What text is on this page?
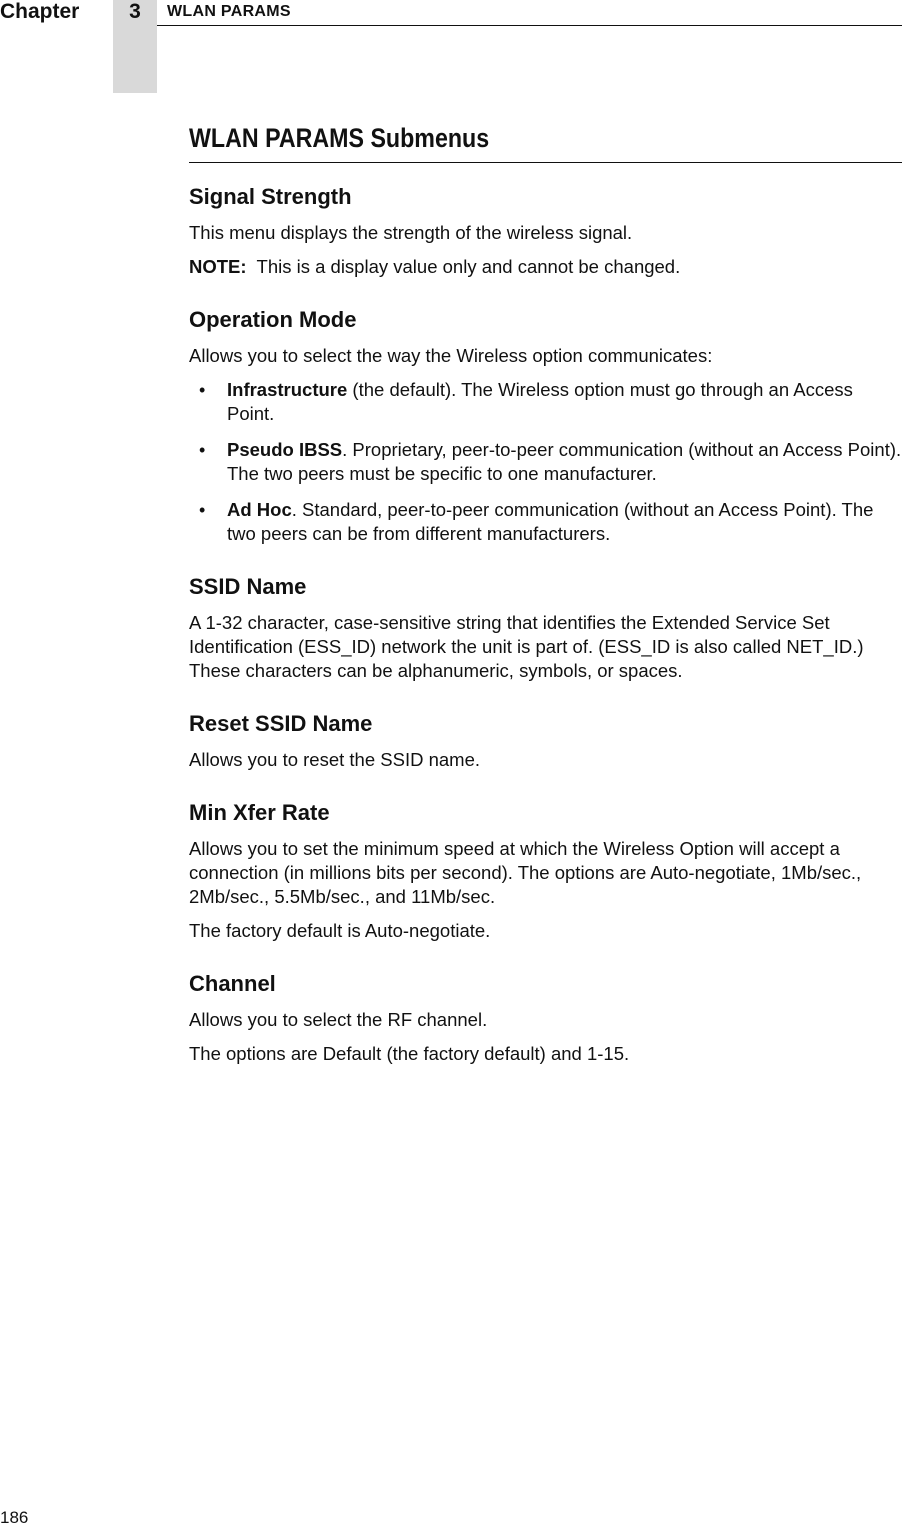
Chapter	3	WLAN PARAMS
WLAN PARAMS Submenus
Signal Strength

This menu displays the strength of the wireless signal.

NOTE: This is a display value only and cannot be changed.

Operation Mode

Allows you to select the way the Wireless option communicates:

• Infrastructure (the default). The Wireless option must go through an Access Point.
• Pseudo IBSS. Proprietary, peer-to-peer communication (without an Access Point). The two peers must be specific to one manufacturer.
• Ad Hoc. Standard, peer-to-peer communication (without an Access Point). The two peers can be from different manufacturers.
SSID Name

A 1-32 character, case-sensitive string that identifies the Extended Service Set Identification (ESS_ID) network the unit is part of. (ESS_ID is also called NET_ID.) These characters can be alphanumeric, symbols, or spaces.

Reset SSID Name

Allows you to reset the SSID name.

Min Xfer Rate

Allows you to set the minimum speed at which the Wireless Option will accept a connection (in millions bits per second). The options are Auto-negotiate, 1Mb/sec., 2Mb/sec., 5.5Mb/sec., and 11Mb/sec.

The factory default is Auto-negotiate.

Channel

Allows you to select the RF channel.

The options are Default (the factory default) and 1-15.

186
